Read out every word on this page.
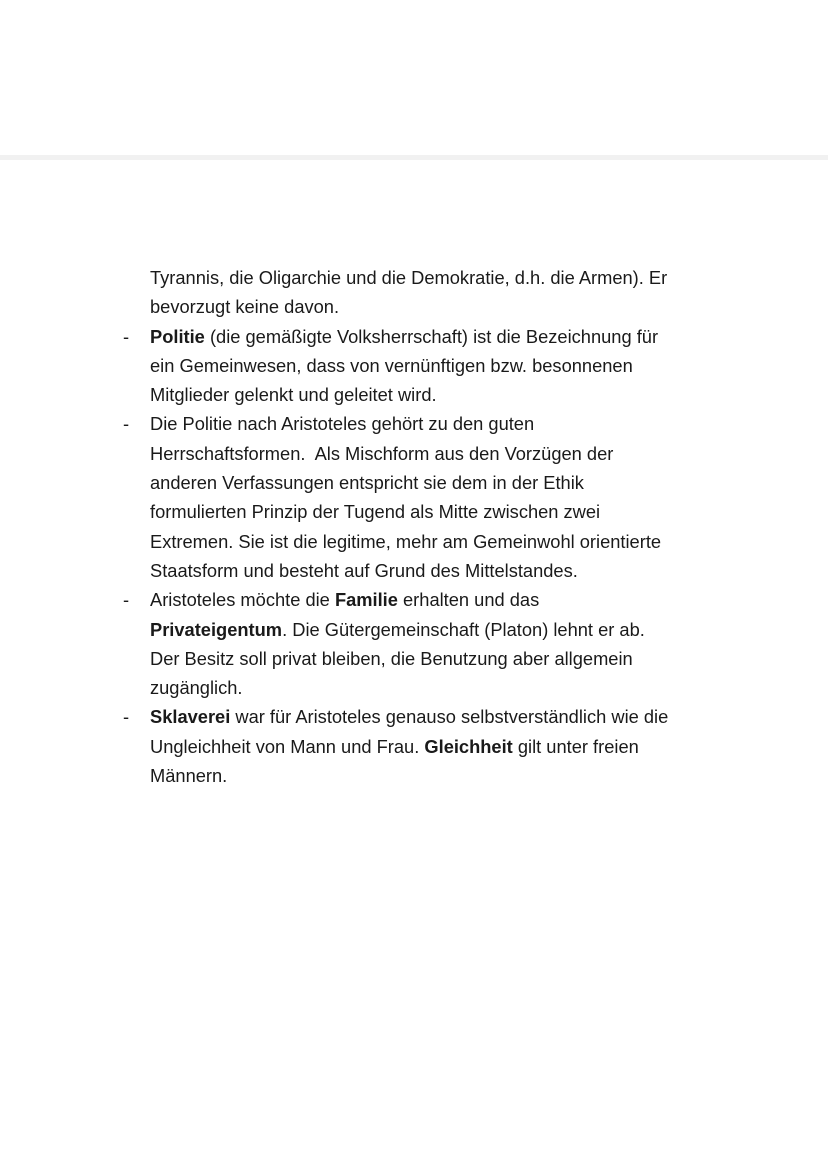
Tyrannis, die Oligarchie und die Demokratie, d.h. die Armen). Er
bevorzugt keine davon.
- Politie (die gemäßigte Volksherrschaft) ist die Bezeichnung für
ein Gemeinwesen, dass von vernünftigen bzw. besonnenen
Mitglieder gelenkt und geleitet wird.
- Die Politie nach Aristoteles gehört zu den guten
Herrschaftsformen.  Als Mischform aus den Vorzügen der
anderen Verfassungen entspricht sie dem in der Ethik
formulierten Prinzip der Tugend als Mitte zwischen zwei
Extremen. Sie ist die legitime, mehr am Gemeinwohl orientierte
Staatsform und besteht auf Grund des Mittelstandes.
- Aristoteles möchte die Familie erhalten und das
Privateigentum. Die Gütergemeinschaft (Platon) lehnt er ab.
Der Besitz soll privat bleiben, die Benutzung aber allgemein
zugänglich.
- Sklaverei war für Aristoteles genauso selbstverständlich wie die
Ungleichheit von Mann und Frau. Gleichheit gilt unter freien
Männern.
